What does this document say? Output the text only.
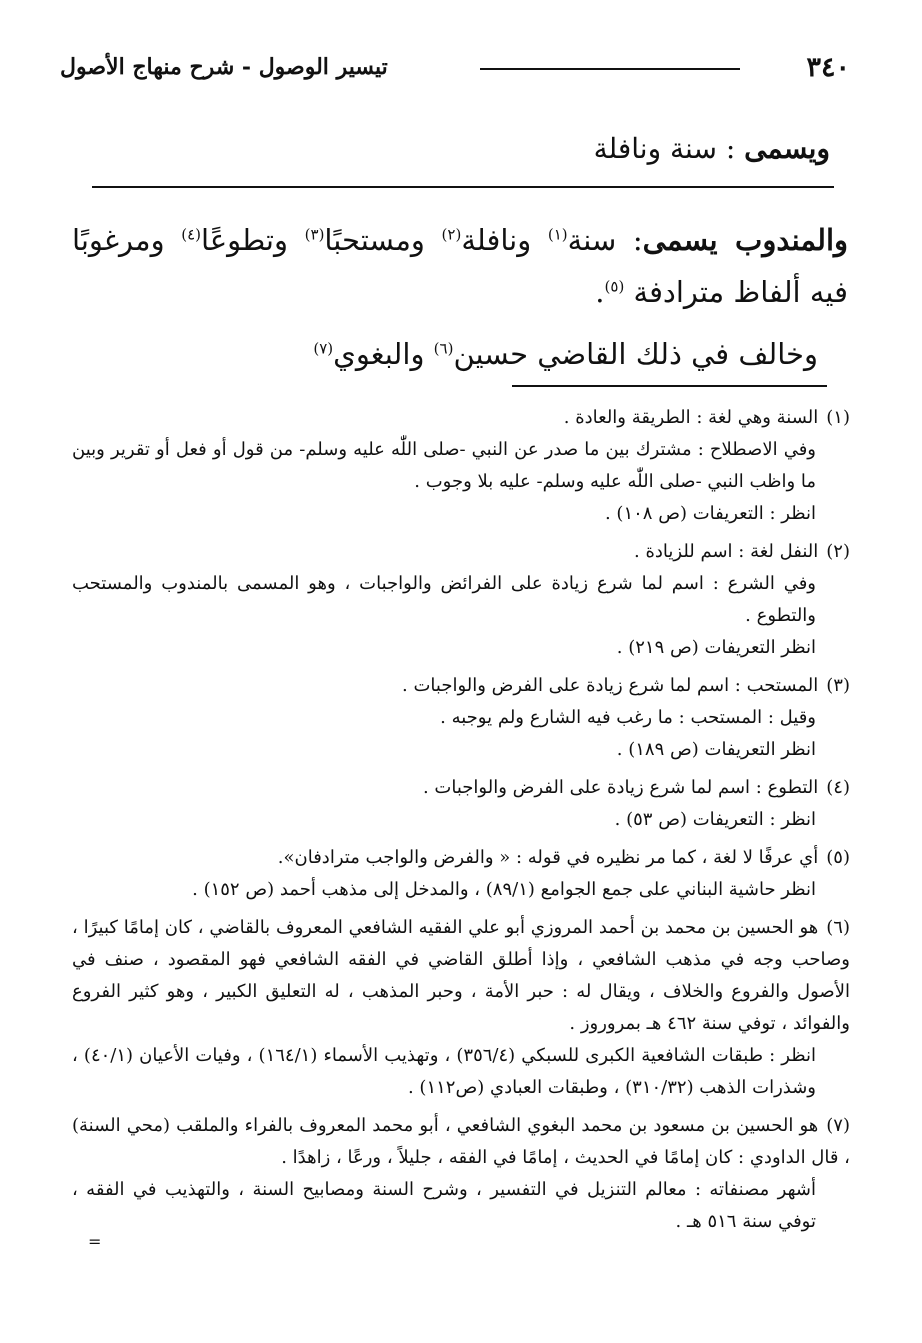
٣٤٠
تيسير الوصول - شرح منهاج الأصول
ويسمى : سنة ونافلة

والمندوب يسمى: سنة$^{(١)}$ ونافلة$^{(٢)}$ ومستحبًا$^{(٣)}$ وتطوعًا$^{(٤)}$ ومرغوبًا فيه ألفاظ مترادفة $^{(٥)}$.

وخالف في ذلك القاضي حسين$^{(٦)}$ والبغوي$^{(٧)}$

(١)السنة وهي لغة : الطريقة والعادة .

وفي الاصطلاح : مشترك بين ما صدر عن النبي -صلى اللّٰه عليه وسلم- من قول أو فعل أو تقرير وبين ما واظب النبي -صلى اللّٰه عليه وسلم- عليه بلا وجوب .

انظر : التعريفات (ص ١٠٨) .

(٢)النفل لغة : اسم للزيادة .

وفي الشرع : اسم لما شرع زيادة على الفرائض والواجبات ، وهو المسمى بالمندوب والمستحب والتطوع .

انظر التعريفات (ص ٢١٩) .

(٣)المستحب : اسم لما شرع زيادة على الفرض والواجبات .

وقيل : المستحب : ما رغب فيه الشارع ولم يوجبه .

انظر التعريفات (ص ١٨٩) .

(٤)التطوع : اسم لما شرع زيادة على الفرض والواجبات .

انظر : التعريفات (ص ٥٣) .

(٥)أي عرفًا لا لغة ، كما مر نظيره في قوله : « والفرض والواجب مترادفان».

انظر حاشية البناني على جمع الجوامع (٨٩/١) ، والمدخل إلى مذهب أحمد (ص ١٥٢) .

(٦)هو الحسين بن محمد بن أحمد المروزي أبو علي الفقيه الشافعي المعروف بالقاضي ، كان إمامًا كبيرًا ، وصاحب وجه في مذهب الشافعي ، وإذا أطلق القاضي في الفقه الشافعي فهو المقصود ، صنف في الأصول والفروع والخلاف ، ويقال له : حبر الأمة ، وحبر المذهب ، له التعليق الكبير ، وهو كثير الفروع والفوائد ، توفي سنة ٤٦٢ هـ بمروروز .

انظر : طبقات الشافعية الكبرى للسبكي (٣٥٦/٤) ، وتهذيب الأسماء (١٦٤/١) ، وفيات الأعيان (٤٠/١) ، وشذرات الذهب (٣١٠/٣٢) ، وطبقات العبادي (ص١١٢) .

(٧)هو الحسين بن مسعود بن محمد البغوي الشافعي ، أبو محمد المعروف بالفراء والملقب (محي السنة) ، قال الداودي : كان إمامًا في الحديث ، إمامًا في الفقه ، جليلاً ، ورعًا ، زاهدًا .

أشهر مصنفاته : معالم التنزيل في التفسير ، وشرح السنة ومصابيح السنة ، والتهذيب في الفقه ، توفي سنة ٥١٦ هـ .

=
